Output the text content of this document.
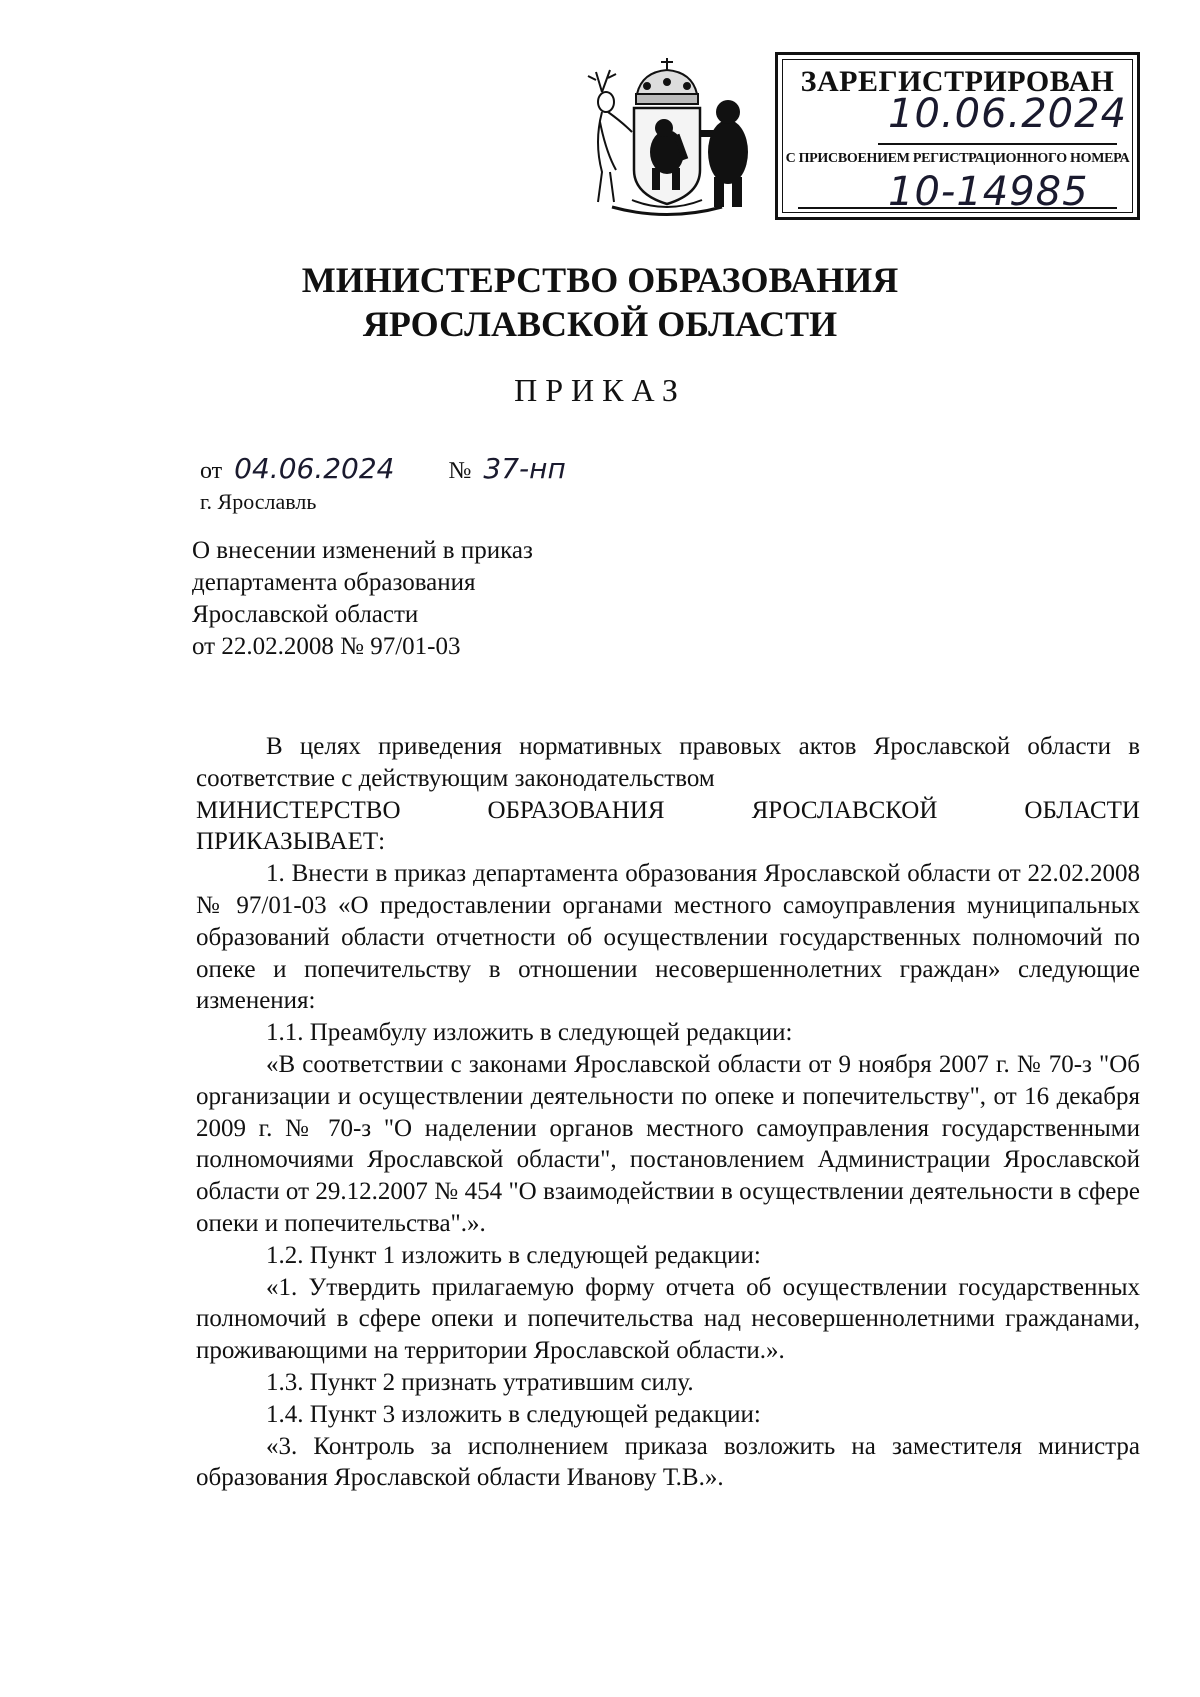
ЗАРЕГИСТРИРОВАН
10.06.2024
С ПРИСВОЕНИЕМ РЕГИСТРАЦИОННОГО НОМЕРА
10-14985
МИНИСТЕРСТВО ОБРАЗОВАНИЯ
ЯРОСЛАВСКОЙ ОБЛАСТИ
ПРИКАЗ
от 04.06.2024 № 37-нп
г. Ярославль
О внесении изменений в приказ
департамента образования
Ярославской области
от 22.02.2008 № 97/01-03

В целях приведения нормативных правовых актов Ярославской области в соответствие с действующим законодательством

МИНИСТЕРСТВО ОБРАЗОВАНИЯ ЯРОСЛАВСКОЙ ОБЛАСТИ

ПРИКАЗЫВАЕТ:

1. Внести в приказ департамента образования Ярославской области от 22.02.2008 № 97/01-03 «О предоставлении органами местного самоуправления муниципальных образований области отчетности об осуществлении государственных полномочий по опеке и попечительству в отношении несовершеннолетних граждан» следующие изменения:

1.1. Преамбулу изложить в следующей редакции:

«В соответствии с законами Ярославской области от 9 ноября 2007 г. № 70-з "Об организации и осуществлении деятельности по опеке и попечительству", от 16 декабря 2009 г. № 70-з "О наделении органов местного самоуправления государственными полномочиями Ярославской области", постановлением Администрации Ярославской области от 29.12.2007 № 454 "О взаимодействии в осуществлении деятельности в сфере опеки и попечительства".».

1.2. Пункт 1 изложить в следующей редакции:

«1. Утвердить прилагаемую форму отчета об осуществлении государственных полномочий в сфере опеки и попечительства над несовершеннолетними гражданами, проживающими на территории Ярославской области.».

1.3. Пункт 2 признать утратившим силу.

1.4. Пункт 3 изложить в следующей редакции:

«3. Контроль за исполнением приказа возложить на заместителя министра образования Ярославской области Иванову Т.В.».
